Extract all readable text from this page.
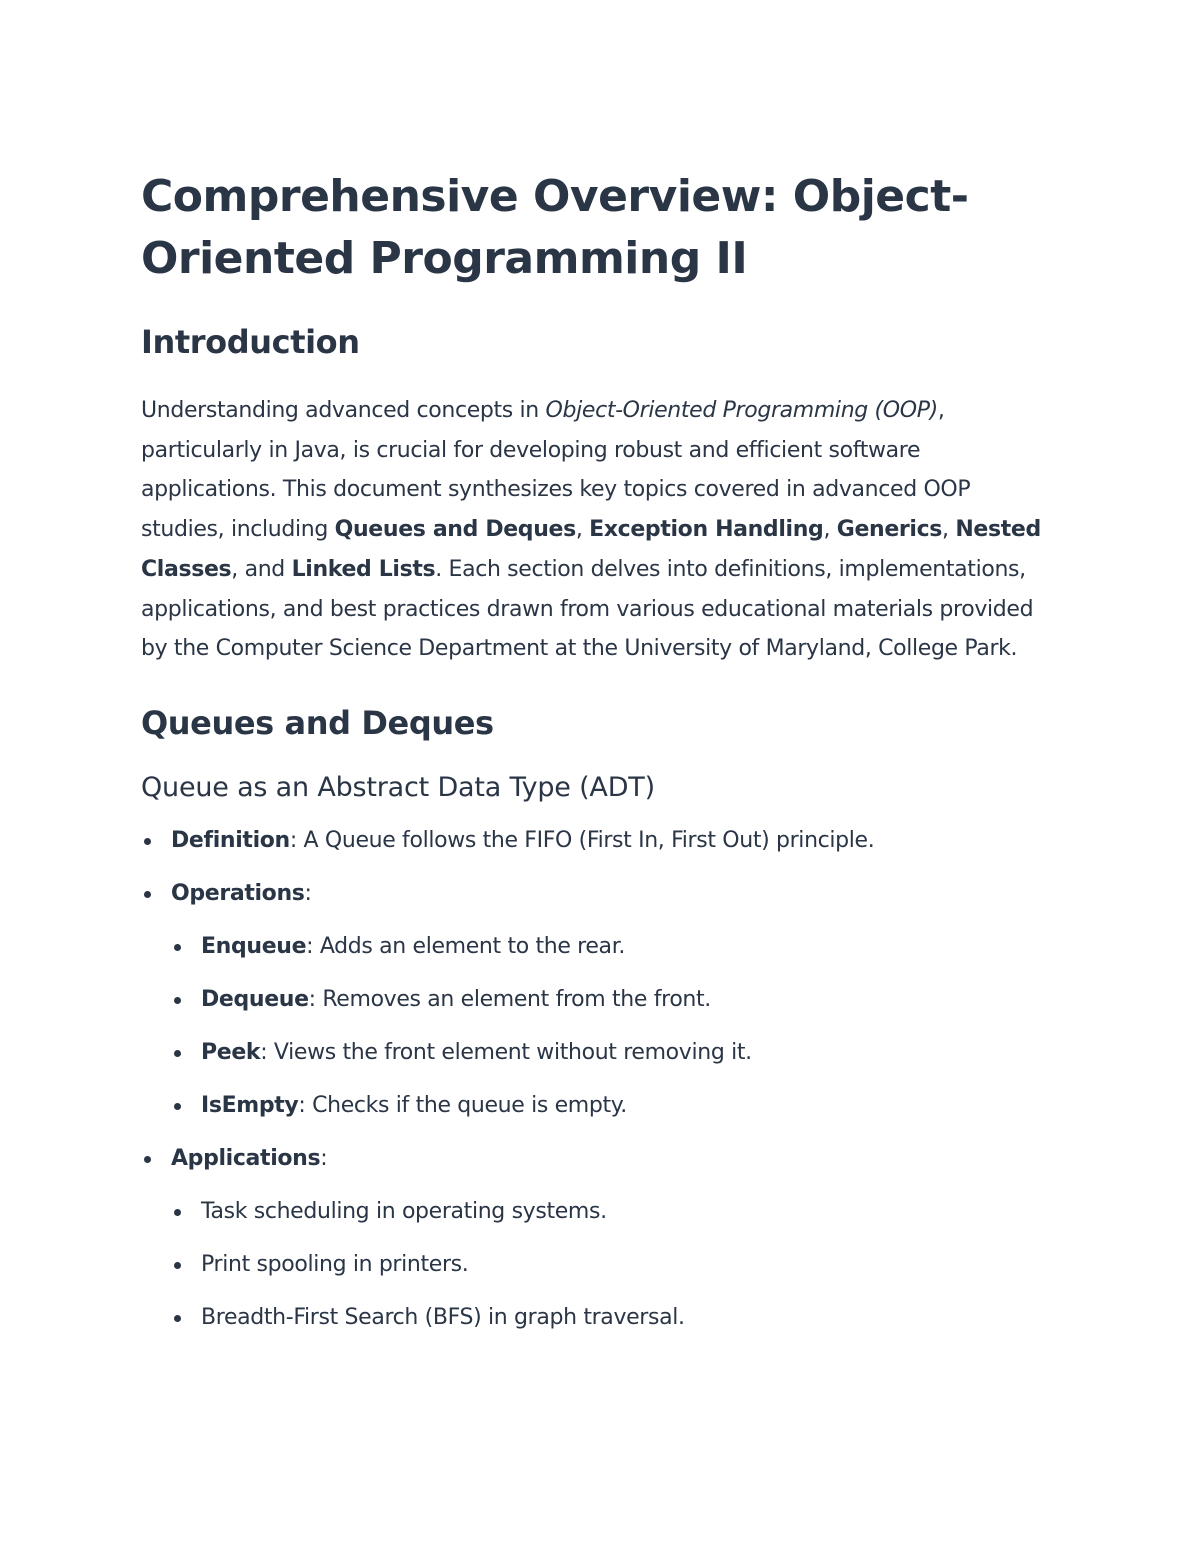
Comprehensive Overview: Object-Oriented Programming II
Introduction

Understanding advanced concepts in Object-Oriented Programming (OOP), particularly in Java, is crucial for developing robust and efficient software applications. This document synthesizes key topics covered in advanced OOP studies, including Queues and Deques, Exception Handling, Generics, Nested Classes, and Linked Lists. Each section delves into definitions, implementations, applications, and best practices drawn from various educational materials provided by the Computer Science Department at the University of Maryland, College Park.

Queues and Deques
Queue as an Abstract Data Type (ADT)
Definition: A Queue follows the FIFO (First In, First Out) principle.
Operations:
Enqueue: Adds an element to the rear.
Dequeue: Removes an element from the front.
Peek: Views the front element without removing it.
IsEmpty: Checks if the queue is empty.
Applications:
Task scheduling in operating systems.
Print spooling in printers.
Breadth-First Search (BFS) in graph traversal.
